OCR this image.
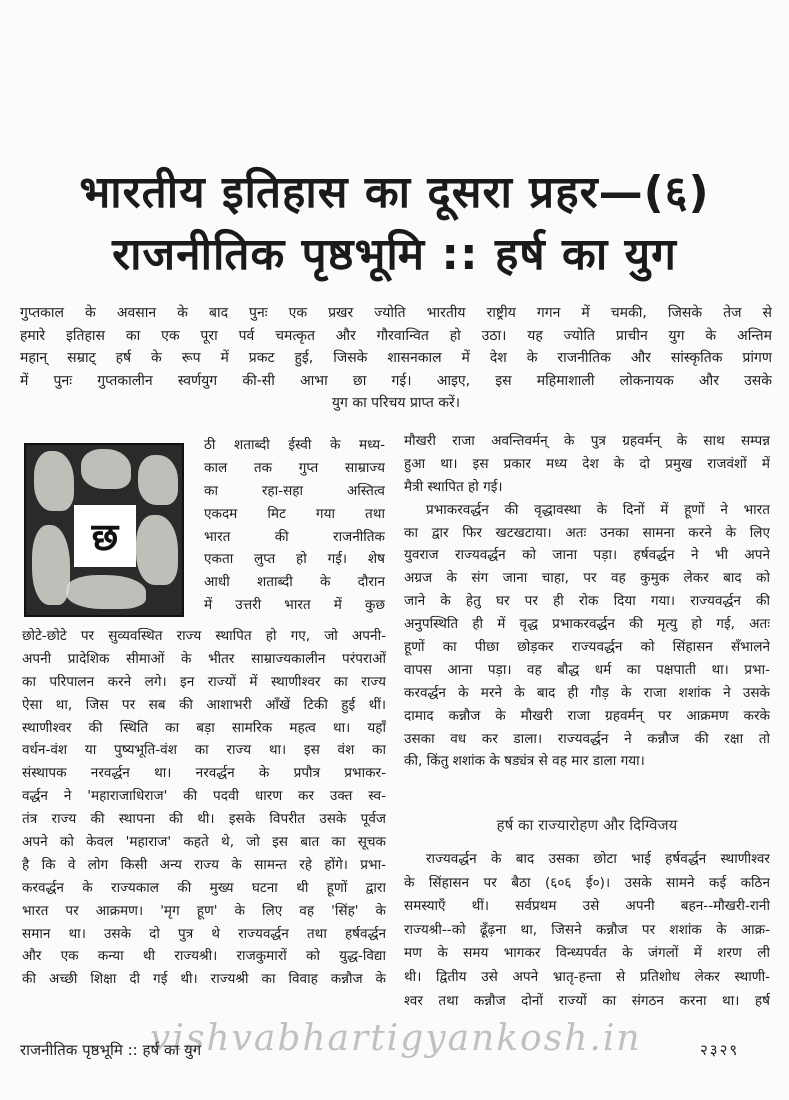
भारतीय इतिहास का दूसरा प्रहर—(६)
राजनीतिक पृष्ठभूमि :: हर्ष का युग
गुप्तकाल के अवसान के बाद पुनः एक प्रखर ज्योति भारतीय राष्ट्रीय गगन में चमकी, जिसके तेज से
हमारे इतिहास का एक पूरा पर्व चमत्कृत और गौरवान्वित हो उठा। यह ज्योति प्राचीन युग के अन्तिम
महान् सम्राट् हर्ष के रूप में प्रकट हुई, जिसके शासनकाल में देश के राजनीतिक और सांस्कृतिक प्रांगण
में पुनः गुप्तकालीन स्वर्णयुग की-सी आभा छा गई। आइए, इस महिमाशाली लोकनायक और उसके
युग का परिचय प्राप्त करें।
छ
ठी शताब्दी ईस्वी के मध्य-
काल तक गुप्त साम्राज्य
का रहा-सहा अस्तित्व
एकदम मिट गया तथा
भारत की राजनीतिक
एकता लुप्त हो गई। शेष
आधी शताब्दी के दौरान
में उत्तरी भारत में कुछ
छोटे-छोटे पर सुव्यवस्थित राज्य स्थापित हो गए, जो अपनी-
अपनी प्रादेशिक सीमाओं के भीतर साम्राज्यकालीन परंपराओं
का परिपालन करने लगे। इन राज्यों में स्थाणीश्वर का राज्य
ऐसा था, जिस पर सब की आशाभरी आँखें टिकी हुई थीं।
स्थाणीश्वर की स्थिति का बड़ा सामरिक महत्व था। यहाँ
वर्धन-वंश या पुष्यभूति-वंश का राज्य था। इस वंश का
संस्थापक नरवर्द्धन था। नरवर्द्धन के प्रपौत्र प्रभाकर-
वर्द्धन ने 'महाराजाधिराज' की पदवी धारण कर उक्त स्व-
तंत्र राज्य की स्थापना की थी। इसके विपरीत उसके पूर्वज
अपने को केवल 'महाराज' कहते थे, जो इस बात का सूचक
है कि वे लोग किसी अन्य राज्य के सामन्त रहे होंगे। प्रभा-
करवर्द्धन के राज्यकाल की मुख्य घटना थी हूणों द्वारा
भारत पर आक्रमण। 'मृग हूण' के लिए वह 'सिंह' के
समान था। उसके दो पुत्र थे राज्यवर्द्धन तथा हर्षवर्द्धन
और एक कन्या थी राज्यश्री। राजकुमारों को युद्ध-विद्या
की अच्छी शिक्षा दी गई थी। राज्यश्री का विवाह कन्नौज के
मौखरी राजा अवन्तिवर्मन् के पुत्र ग्रहवर्मन् के साथ सम्पन्न
हुआ था। इस प्रकार मध्य देश के दो प्रमुख राजवंशों में
मैत्री स्थापित हो गई।
प्रभाकरवर्द्धन की वृद्धावस्था के दिनों में हूणों ने भारत
का द्वार फिर खटखटाया। अतः उनका सामना करने के लिए
युवराज राज्यवर्द्धन को जाना पड़ा। हर्षवर्द्धन ने भी अपने
अग्रज के संग जाना चाहा, पर वह कुमुक लेकर बाद को
जाने के हेतु घर पर ही रोक दिया गया। राज्यवर्द्धन की
अनुपस्थिति ही में वृद्ध प्रभाकरवर्द्धन की मृत्यु हो गई, अतः
हूणों का पीछा छोड़कर राज्यवर्द्धन को सिंहासन सँभालने
वापस आना पड़ा। वह बौद्ध धर्म का पक्षपाती था। प्रभा-
करवर्द्धन के मरने के बाद ही गौड़ के राजा शशांक ने उसके
दामाद कन्नौज के मौखरी राजा ग्रहवर्मन् पर आक्रमण करके
उसका वध कर डाला। राज्यवर्द्धन ने कन्नौज की रक्षा तो
की, किंतु शशांक के षड्यंत्र से वह मार डाला गया।
हर्ष का राज्यारोहण और दिग्विजय
राज्यवर्द्धन के बाद उसका छोटा भाई हर्षवर्द्धन स्थाणीश्वर
के सिंहासन पर बैठा (६०६ ई०)। उसके सामने कई कठिन
समस्याएँ थीं। सर्वप्रथम उसे अपनी बहन--मौखरी-रानी
राज्यश्री--को ढूँढ़ना था, जिसने कन्नौज पर शशांक के आक्र-
मण के समय भागकर विन्ध्यपर्वत के जंगलों में शरण ली
थी। द्वितीय उसे अपने भ्रातृ-हन्ता से प्रतिशोध लेकर स्थाणी-
श्वर तथा कन्नौज दोनों राज्यों का संगठन करना था। हर्ष
vishvabhartigyankosh.in
राजनीतिक पृष्ठभूमि :: हर्ष का युग	२३२९
